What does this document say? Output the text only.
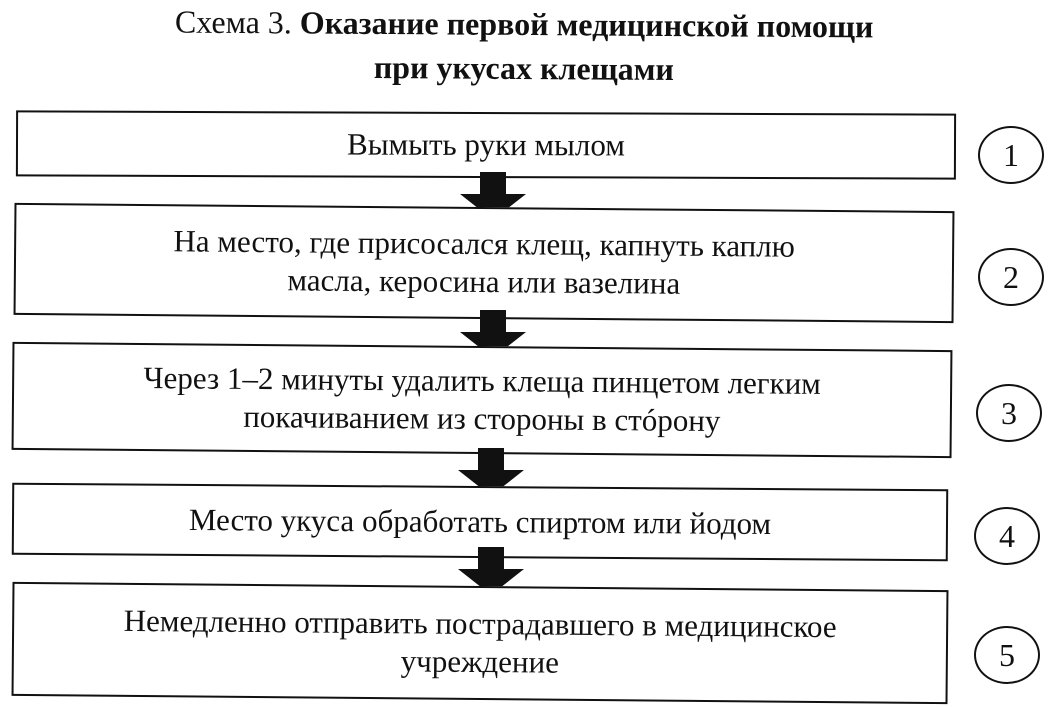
Схема 3. Оказание первой медицинской помощи
при укусах клещами
Вымыть руки мылом	1
На место, где присосался клещ, капнуть каплю
масла, керосина или вазелина	2
Через 1–2 минуты удалить клеща пинцетом легким
покачиванием из стороны в стóрону	3
Место укуса обработать спиртом или йодом	4
Немедленно отправить пострадавшего в медицинское
учреждение	5
